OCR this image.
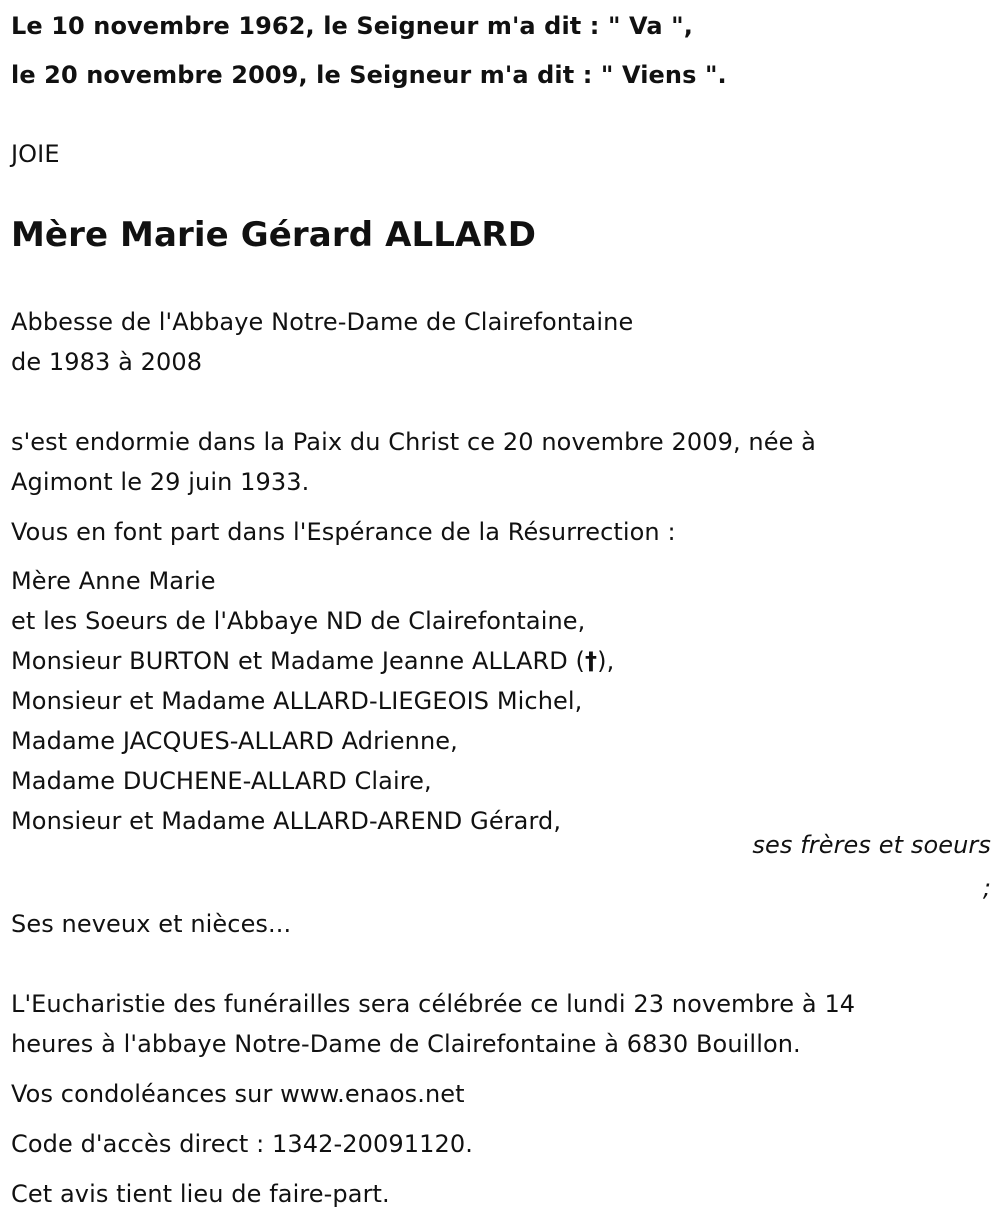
Le 10 novembre 1962, le Seigneur m'a dit : " Va ",
le 20 novembre 2009, le Seigneur m'a dit : " Viens ".
JOIE
Mère Marie Gérard ALLARD
Abbesse de l'Abbaye Notre-Dame de Clairefontaine
de 1983 à 2008
s'est endormie dans la Paix du Christ ce 20 novembre 2009, née à
Agimont le 29 juin 1933.
Vous en font part dans l'Espérance de la Résurrection :
Mère Anne Marie
et les Soeurs de l'Abbaye ND de Clairefontaine,
Monsieur BURTON et Madame Jeanne ALLARD (†),
Monsieur et Madame ALLARD-LIEGEOIS Michel,
Madame JACQUES-ALLARD Adrienne,
Madame DUCHENE-ALLARD Claire,
Monsieur et Madame ALLARD-AREND Gérard,
ses frères et soeurs
;
Ses neveux et nièces...
L'Eucharistie des funérailles sera célébrée ce lundi 23 novembre à 14
heures à l'abbaye Notre-Dame de Clairefontaine à 6830 Bouillon.
Vos condoléances sur www.enaos.net
Code d'accès direct : 1342-20091120.
Cet avis tient lieu de faire-part.
